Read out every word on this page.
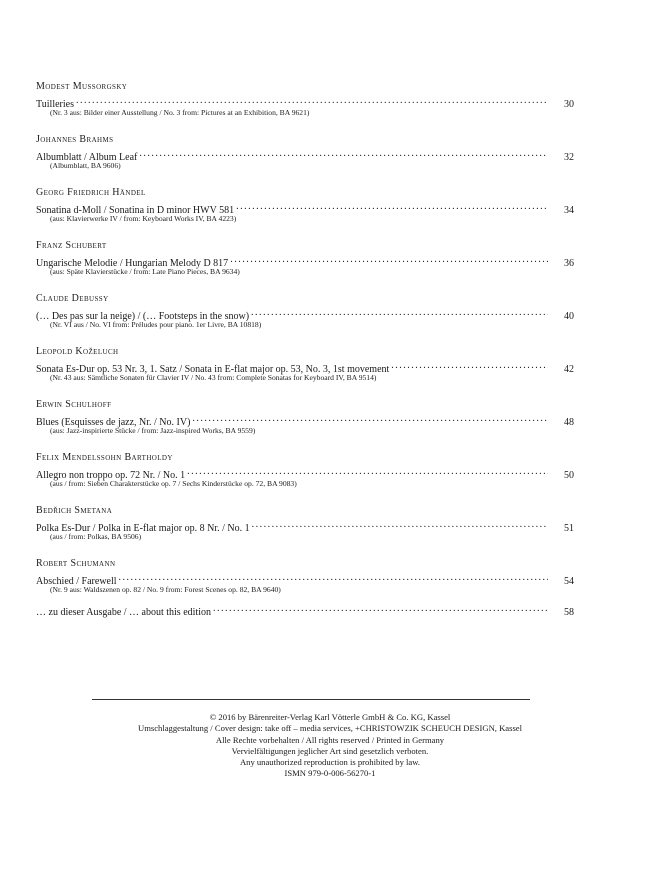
Modest Mussorgsky
Tuilleries . . .	30
(Nr. 3 aus: Bilder einer Ausstellung / No. 3 from: Pictures at an Exhibition, BA 9621)
Johannes Brahms
Albumblatt / Album Leaf . . .	32
(Albumblatt, BA 9606)
Georg Friedrich Händel
Sonatina d-Moll / Sonatina in D minor HWV 581 . . .	34
(aus: Klavierwerke IV / from: Keyboard Works IV, BA 4223)
Franz Schubert
Ungarische Melodie / Hungarian Melody D 817 . . .	36
(aus: Späte Klavierstücke / from: Late Piano Pieces, BA 9634)
Claude Debussy
(… Des pas sur la neige) / (… Footsteps in the snow) . . .	40
(Nr. VI aus / No. VI from: Préludes pour piano. 1er Livre, BA 10818)
Leopold Koželuch
Sonata Es-Dur op. 53 Nr. 3, 1. Satz / Sonata in E-flat major op. 53, No. 3, 1st movement . . .	42
(Nr. 43 aus: Sämtliche Sonaten für Clavier IV / No. 43 from: Complete Sonatas for Keyboard IV, BA 9514)
Erwin Schulhoff
Blues (Esquisses de jazz, Nr. / No. IV) . . .	48
(aus: Jazz-inspirierte Stücke / from: Jazz-inspired Works, BA 9559)
Felix Mendelssohn Bartholdy
Allegro non troppo op. 72 Nr. / No. 1 . . .	50
(aus / from: Sieben Charakterstücke op. 7 / Sechs Kinderstücke op. 72, BA 9083)
Bedřich Smetana
Polka Es-Dur / Polka in E-flat major op. 8 Nr. / No. 1 . . .	51
(aus / from: Polkas, BA 9506)
Robert Schumann
Abschied / Farewell . . .	54
(Nr. 9 aus: Waldszenen op. 82 / No. 9 from: Forest Scenes op. 82, BA 9640)
… zu dieser Ausgabe / … about this edition . . .	58
© 2016 by Bärenreiter-Verlag Karl Vötterle GmbH & Co. KG, Kassel
Umschlaggestaltung / Cover design: take off – media services, +CHRISTOWZIK SCHEUCH DESIGN, Kassel
Alle Rechte vorbehalten / All rights reserved / Printed in Germany
Vervielfältigungen jeglicher Art sind gesetzlich verboten.
Any unauthorized reproduction is prohibited by law.
ISMN 979-0-006-56270-1
